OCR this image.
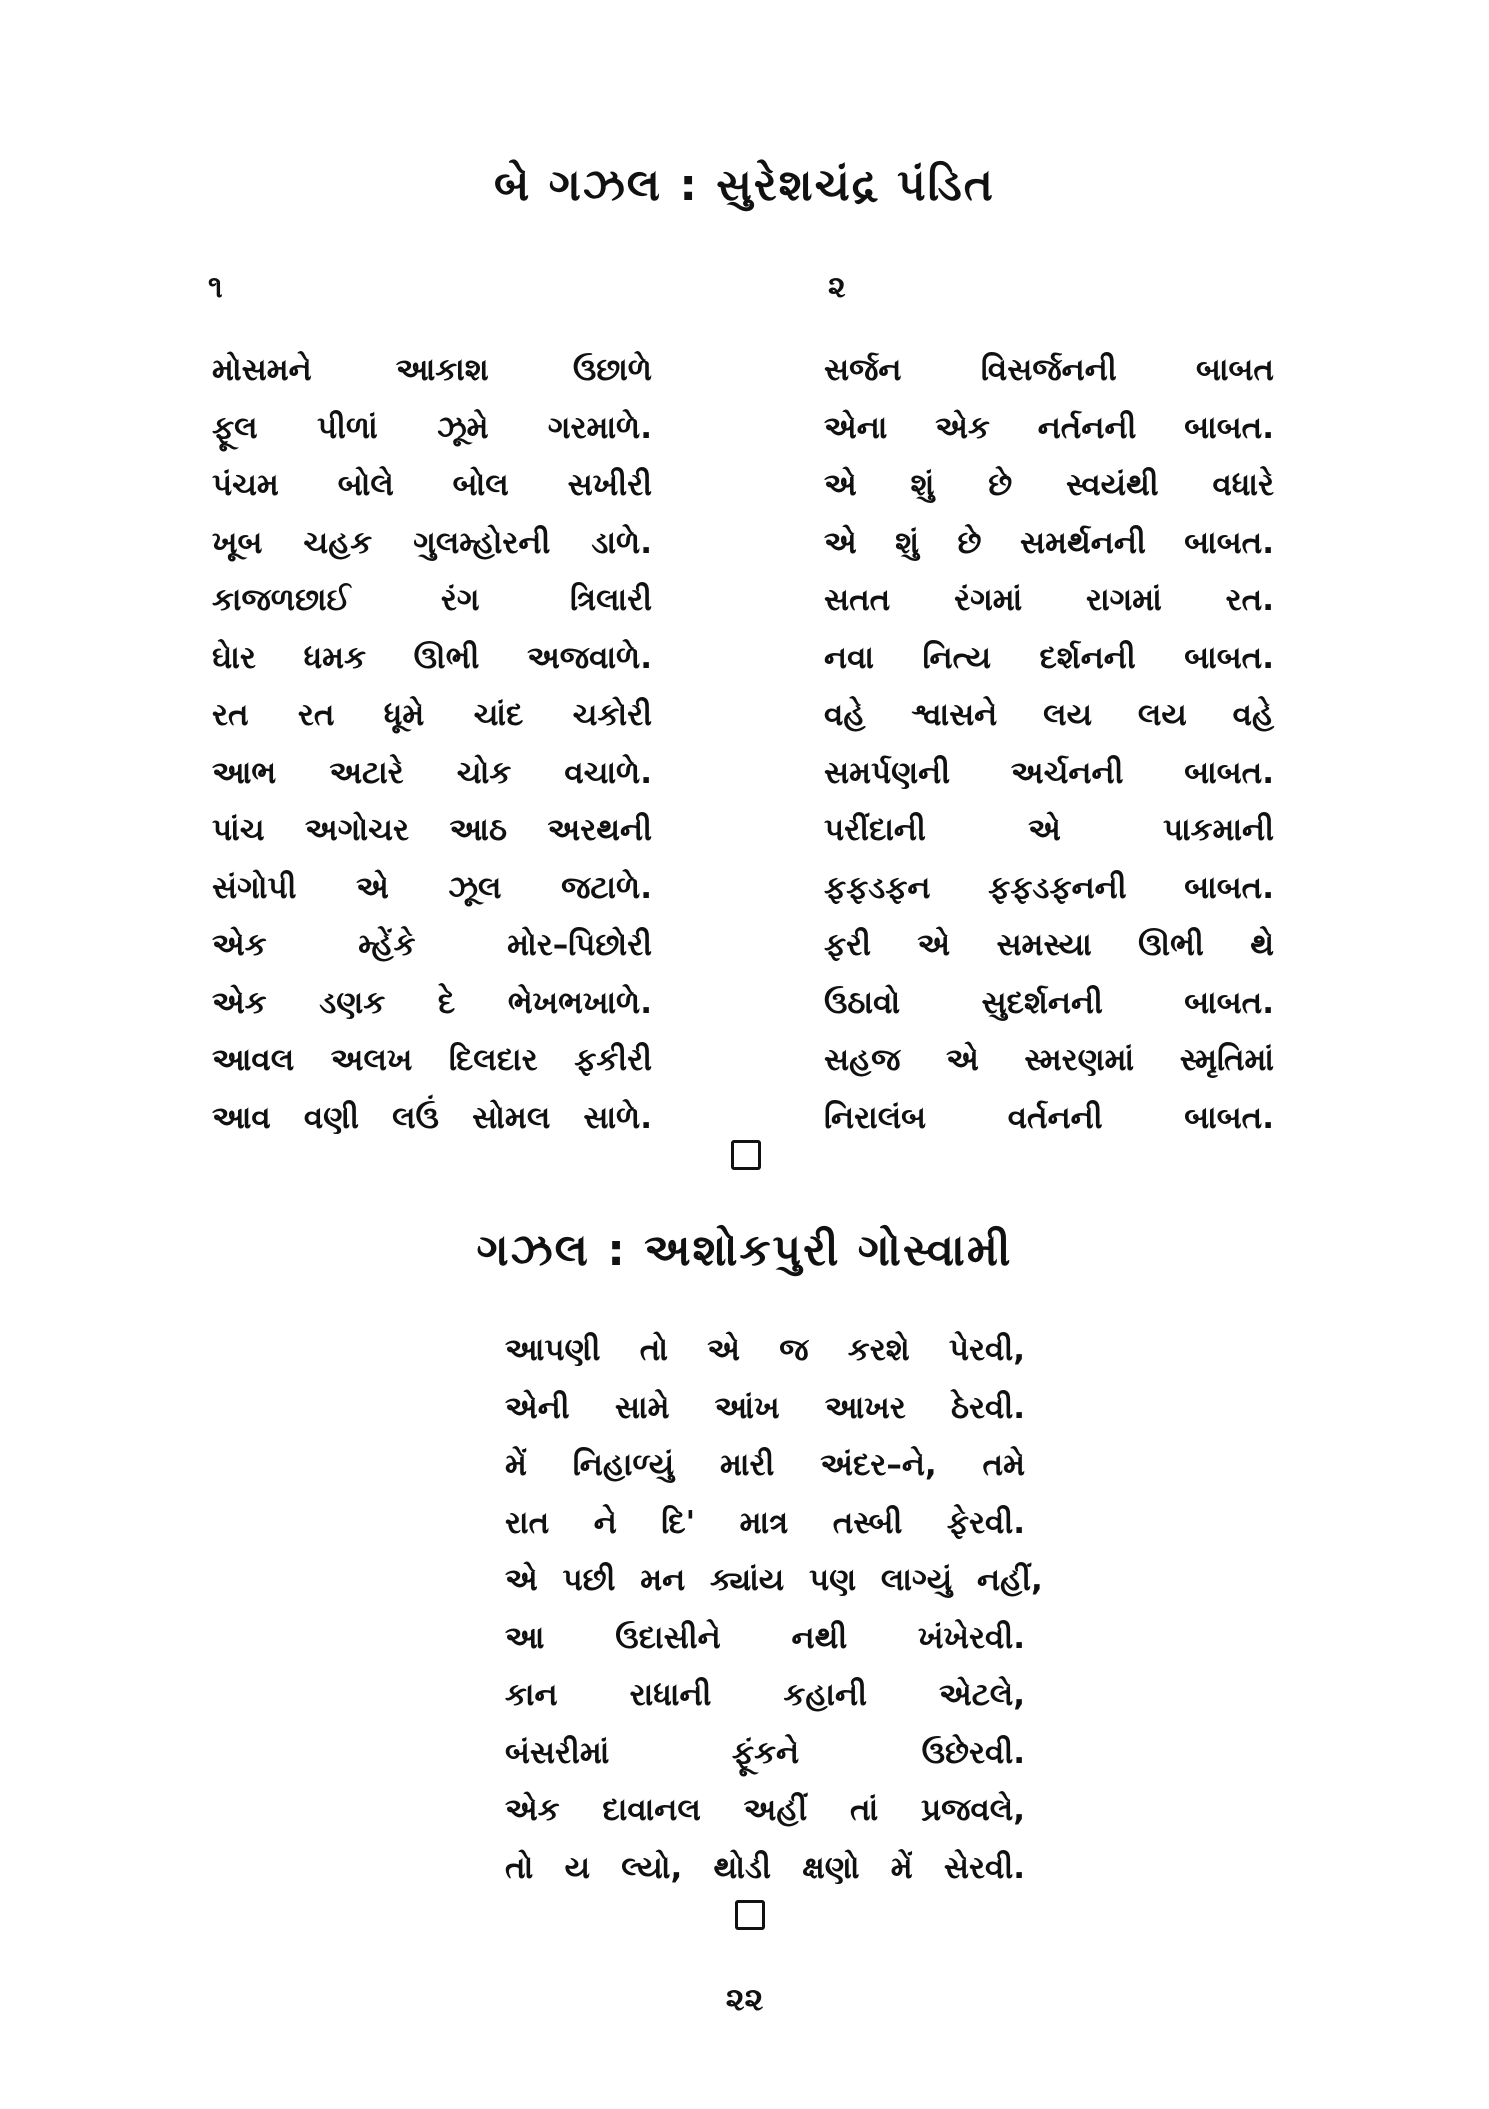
બે ગઝલ : સુરેશચંદ્ર પંડિત
૧	૨
મોસમને આકાશ ઉછાળે
ફૂલ પીળાં ઝૂમે ગરમાળે.
પંચમ બોલે બોલ સખીરી
ખૂબ ચહક ગુલમ્હોરની ડાળે.
કાજળછાઈ રંગ ત્રિલારી
ઘેાર ધમક ઊભી અજવાળે.
રત રત ધૂમે ચાંદ ચકોરી
આભ અટારે ચોક વચાળે.
પાંચ અગોચર આઠ અરથની
સંગોપી એ ઝૂલ જટાળે.
એક મ્હેંકે મોર–પિછોરી
એક ડણક દે ભેખભખાળે.
આવલ અલખ દિલદાર ફકીરી
આવ વણી લઉં સોમલ સાળે.
સર્જન વિસર્જનની બાબત
એના એક નર્તનની બાબત.
એ શું છે સ્વયંથી વધારે
એ શું છે સમર્થનની બાબત.
સતત રંગમાં રાગમાં રત.
નવા નિત્ય દર્શનની બાબત.
વહે શ્વાસને લય લય વહે
સમર્પણની અર્ચનની બાબત.
પરીંદાની એ પાકમાની
ફફડફન ફફડફનની બાબત.
ફરી એ સમસ્યા ઊભી થે
ઉઠાવો સુદર્શનની બાબત.
સહજ એ સ્મરણમાં સ્મૃતિમાં
નિરાલંબ વર્તનની બાબત.
ગઝલ : અશોકપુરી ગોસ્વામી
આપણી તો એ જ કરશે પેરવી,
એની સામે આંખ આખર ઠેરવી.
મેં નિહાળ્યું મારી અંદર–ને, તમે
રાત ને દિ' માત્ર તસ્બી ફેરવી.
એ પછી મન ક્યાંય પણ લાગ્યું નહીં,
આ ઉદાસીને નથી ખંખેરવી.
કાન રાધાની કહાની એટલે,
બંસરીમાં ફૂંકને ઉછેરવી.
એક દાવાનલ અહીં તાં પ્રજવલે,
તો ય લ્યો, થોડી ક્ષણો મેં સેરવી.
૨૨
